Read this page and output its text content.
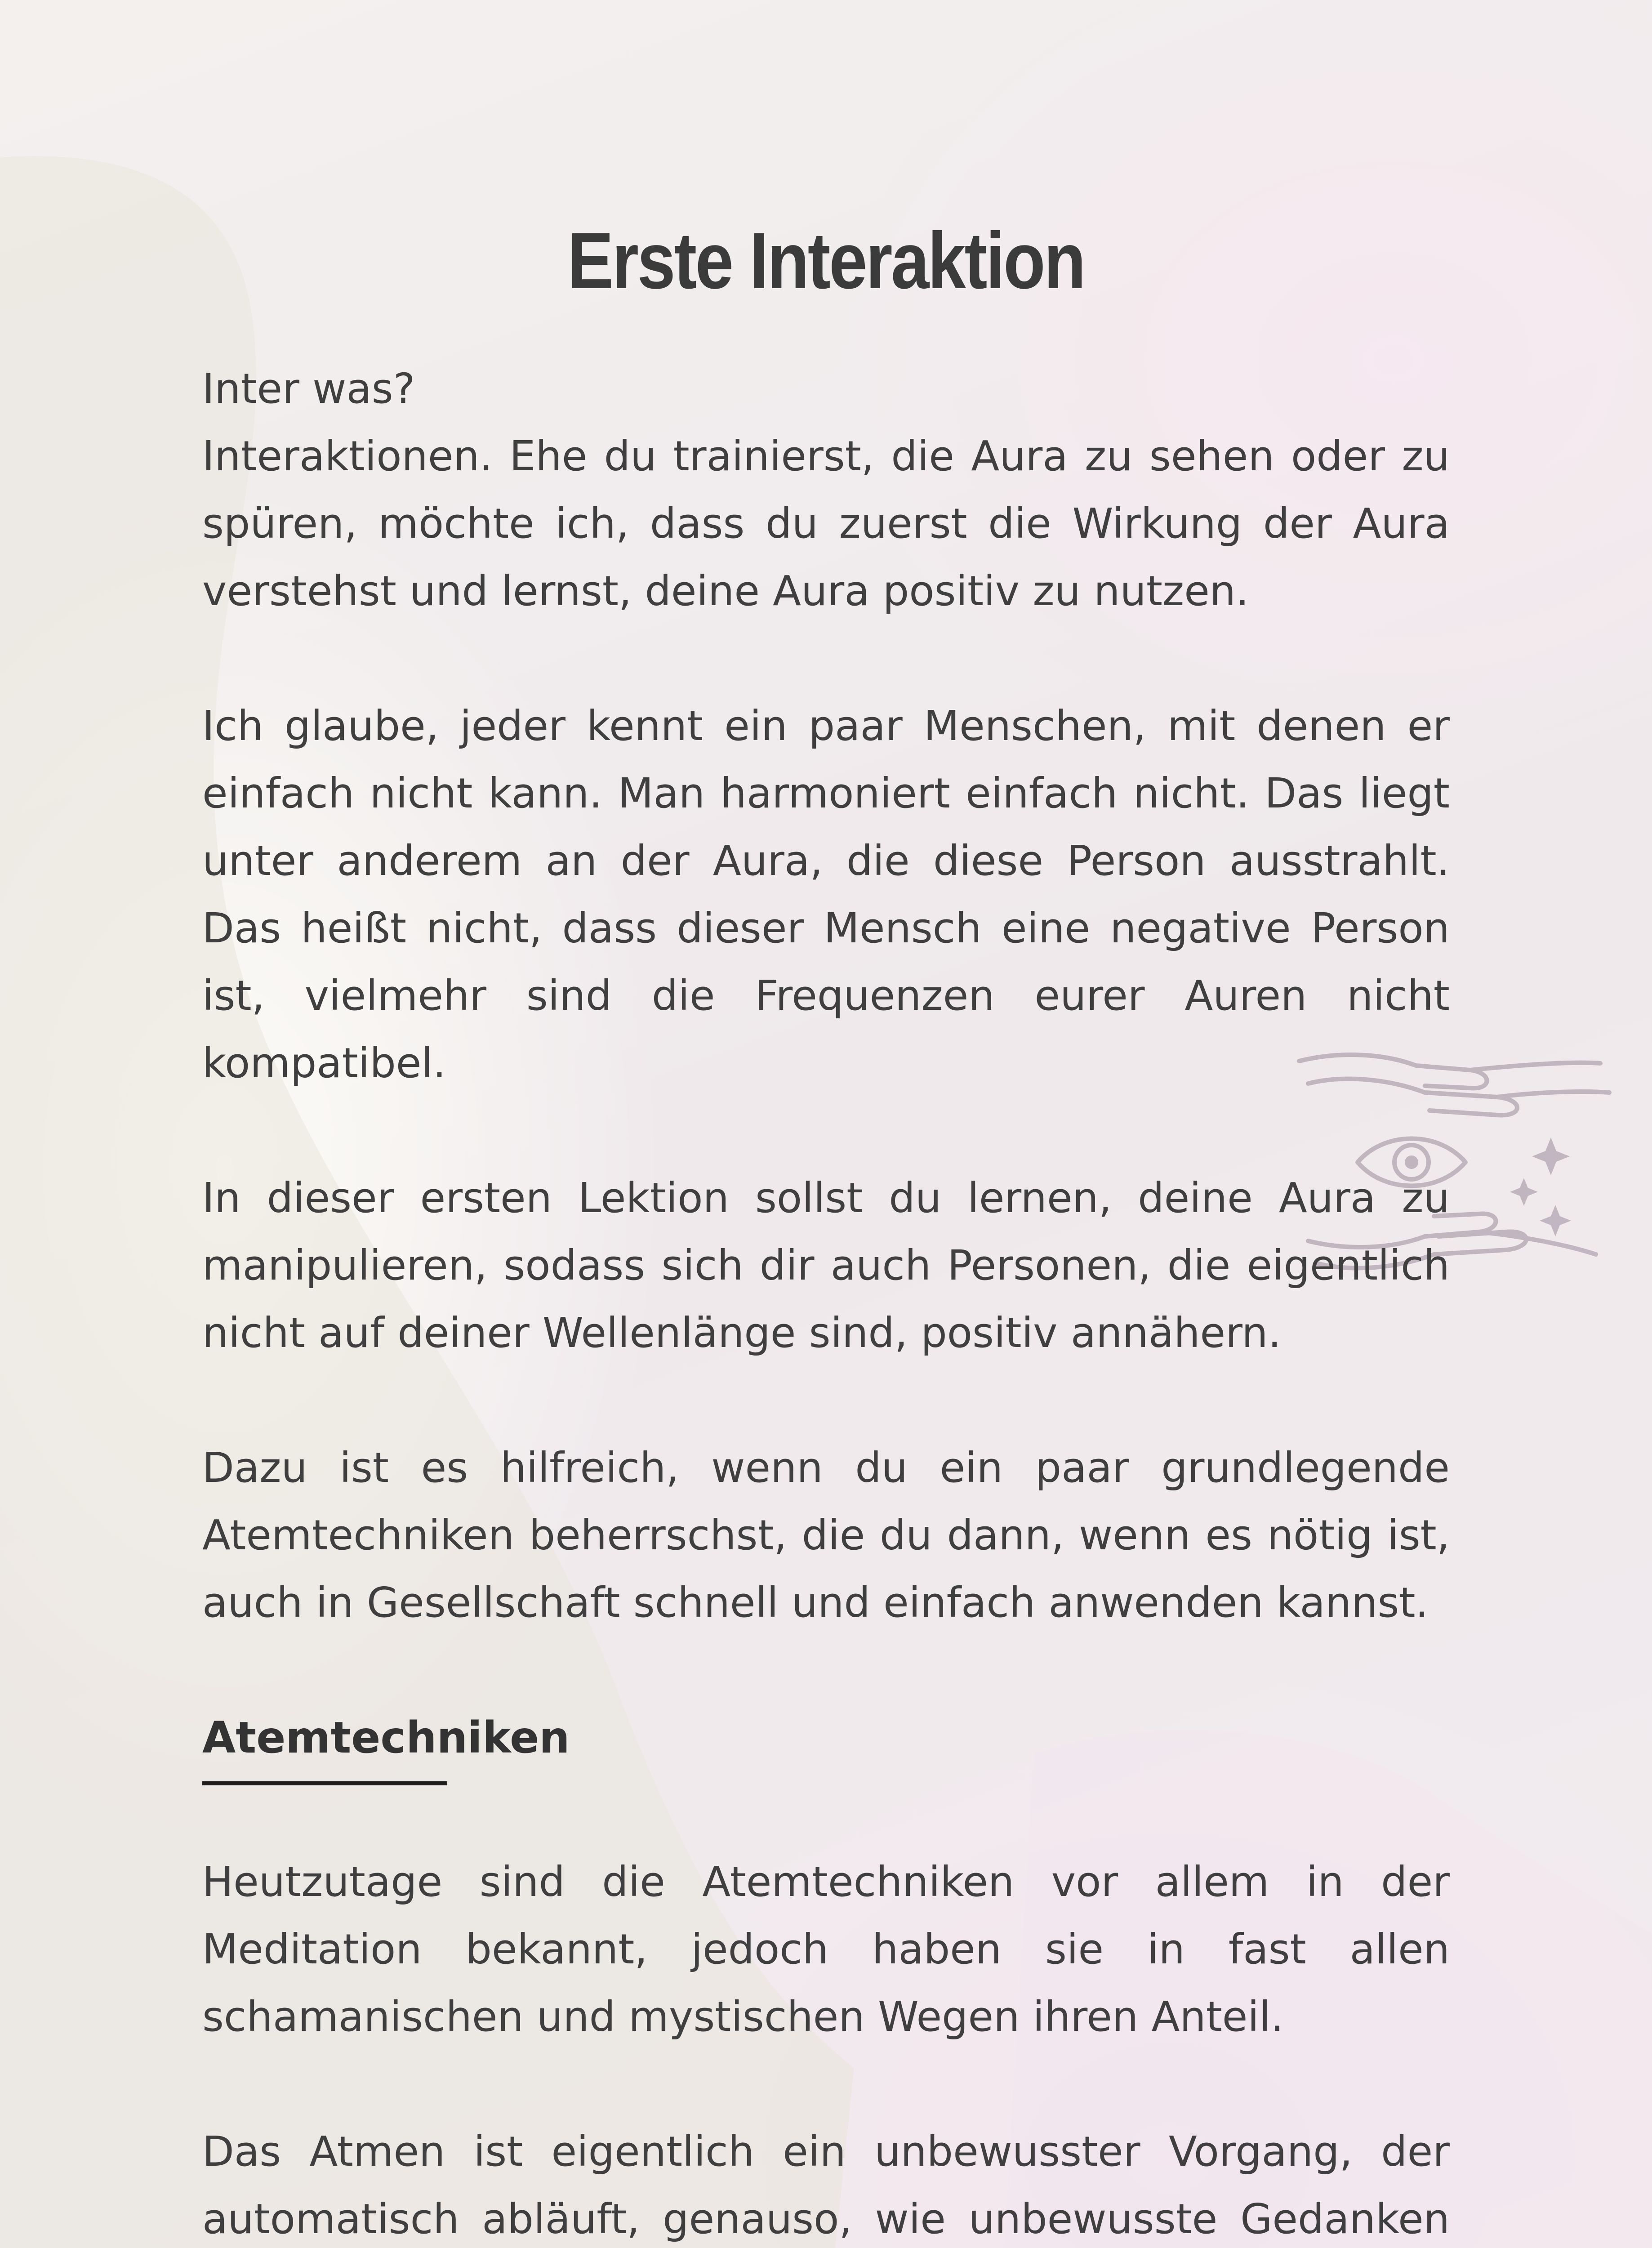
Erste Interaktion

Inter was?
Interaktionen. Ehe du trainierst, die Aura zu sehen oder zu spüren, möchte ich, dass du zuerst die Wirkung der Aura verstehst und lernst, deine Aura positiv zu nutzen.

Ich glaube, jeder kennt ein paar Menschen, mit denen er einfach nicht kann. Man harmoniert einfach nicht. Das liegt unter anderem an der Aura, die diese Person ausstrahlt. Das heißt nicht, dass dieser Mensch eine negative Person ist, vielmehr sind die Frequenzen eurer Auren nicht kompatibel.

In dieser ersten Lektion sollst du lernen, deine Aura zu manipulieren, sodass sich dir auch Personen, die eigentlich nicht auf deiner Wellenlänge sind, positiv annähern.

Dazu ist es hilfreich, wenn du ein paar grundlegende Atemtechniken beherrschst, die du dann, wenn es nötig ist, auch in Gesellschaft schnell und einfach anwenden kannst.

Atemtechniken

Heutzutage sind die Atemtechniken vor allem in der Meditation bekannt, jedoch haben sie in fast allen schamanischen und mystischen Wegen ihren Anteil.

Das Atmen ist eigentlich ein unbewusster Vorgang, der automatisch abläuft, genauso, wie unbewusste Gedanken
